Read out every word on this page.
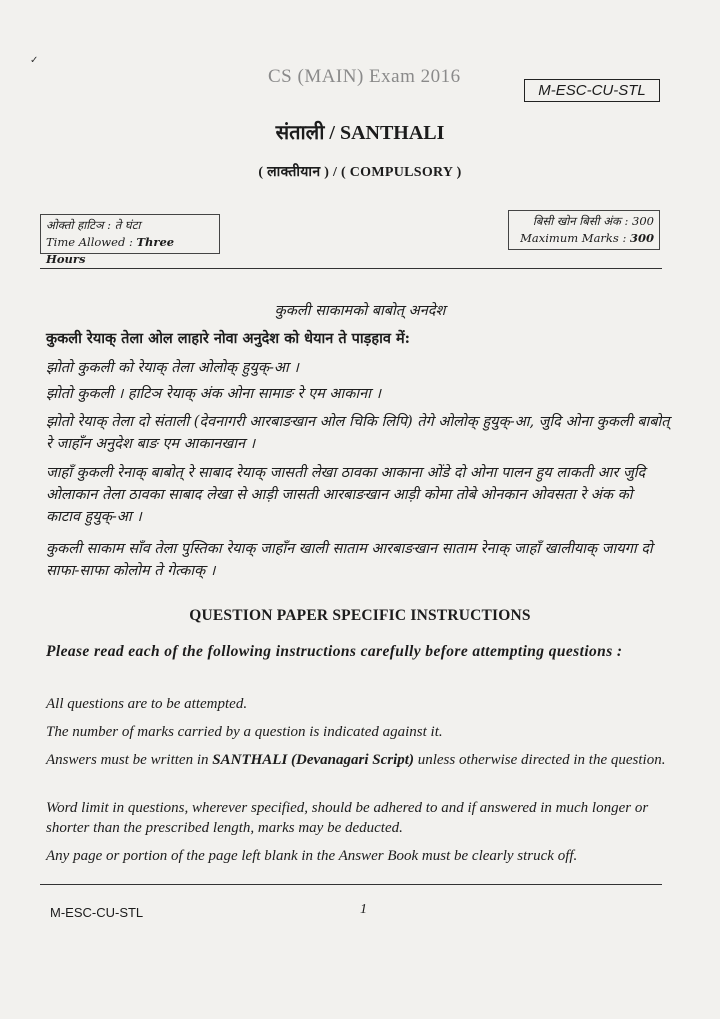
✓
CS (MAIN) Exam 2016
M-ESC-CU-STL
संताली / SANTHALI
( लाक्तीयान ) / ( COMPULSORY )
ओक्तो हाटिञ : ते घंटा
Time Allowed : Three Hours
बिसी खोन बिसी अंक : 300
Maximum Marks : 300
कुकली साकामको बाबोत् अनदेश
कुकली रेयाक् तेला ओल लाहारे नोवा अनुदेश को धेयान ते पाड़हाव में:
झोतो कुकली को रेयाक् तेला ओलोक् हुयुक्-आ ।
झोतो कुकली । हाटिञ रेयाक् अंक ओना सामाङ रे एम आकाना ।
झोतो रेयाक् तेला दो संताली (देवनागरी आरबाङखान ओल चिकि लिपि) तेगे ओलोक् हुयुक्-आ, जुदि ओना कुकली बाबोत् रे जाहाँन अनुदेश बाङ एम आकानखान ।
जाहाँ कुकली रेनाक् बाबोत् रे साबाद रेयाक् जासती लेखा ठावका आकाना ओंडे दो ओना पालन हुय लाकती आर जुदि ओलाकान तेला ठावका साबाद लेखा से आड़ी जासती आरबाङखान आड़ी कोमा तोबे ओनकान ओवसता रे अंक को काटाव हुयुक्-आ ।
कुकली साकाम साँव तेला पुस्तिका रेयाक् जाहाँन खाली साताम आरबाङखान साताम रेनाक् जाहाँ खालीयाक् जायगा दो साफा-साफा कोलोम ते गेत्काक् ।
QUESTION PAPER SPECIFIC INSTRUCTIONS
Please read each of the following instructions carefully before attempting questions :
All questions are to be attempted.
The number of marks carried by a question is indicated against it.
Answers must be written in SANTHALI (Devanagari Script) unless otherwise directed in the question.
Word limit in questions, wherever specified, should be adhered to and if answered in much longer or shorter than the prescribed length, marks may be deducted.
Any page or portion of the page left blank in the Answer Book must be clearly struck off.
M-ESC-CU-STL	1
